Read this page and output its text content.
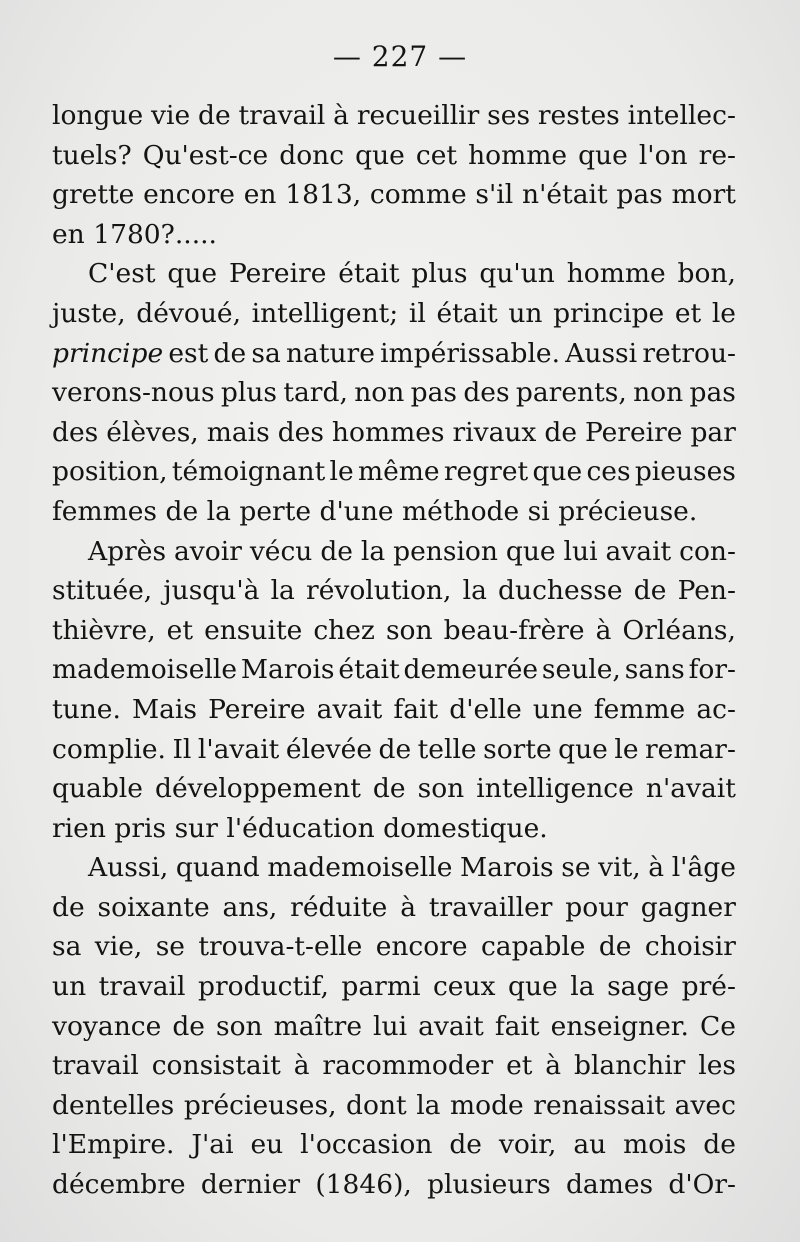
— 227 —
longue vie de travail à recueillir ses restes intellec-
tuels? Qu'est-ce donc que cet homme que l'on re-
grette encore en 1813, comme s'il n'était pas mort
en 1780?.....
C'est que Pereire était plus qu'un homme bon,
juste, dévoué, intelligent; il était un principe et le
principe est de sa nature impérissable. Aussi retrou-
verons-nous plus tard, non pas des parents, non pas
des élèves, mais des hommes rivaux de Pereire par
position, témoignant le même regret que ces pieuses
femmes de la perte d'une méthode si précieuse.
Après avoir vécu de la pension que lui avait con-
stituée, jusqu'à la révolution, la duchesse de Pen-
thièvre, et ensuite chez son beau-frère à Orléans,
mademoiselle Marois était demeurée seule, sans for-
tune. Mais Pereire avait fait d'elle une femme ac-
complie. Il l'avait élevée de telle sorte que le remar-
quable développement de son intelligence n'avait
rien pris sur l'éducation domestique.
Aussi, quand mademoiselle Marois se vit, à l'âge
de soixante ans, réduite à travailler pour gagner
sa vie, se trouva-t-elle encore capable de choisir
un travail productif, parmi ceux que la sage pré-
voyance de son maître lui avait fait enseigner. Ce
travail consistait à racommoder et à blanchir les
dentelles précieuses, dont la mode renaissait avec
l'Empire. J'ai eu l'occasion de voir, au mois de
décembre dernier (1846), plusieurs dames d'Or-
